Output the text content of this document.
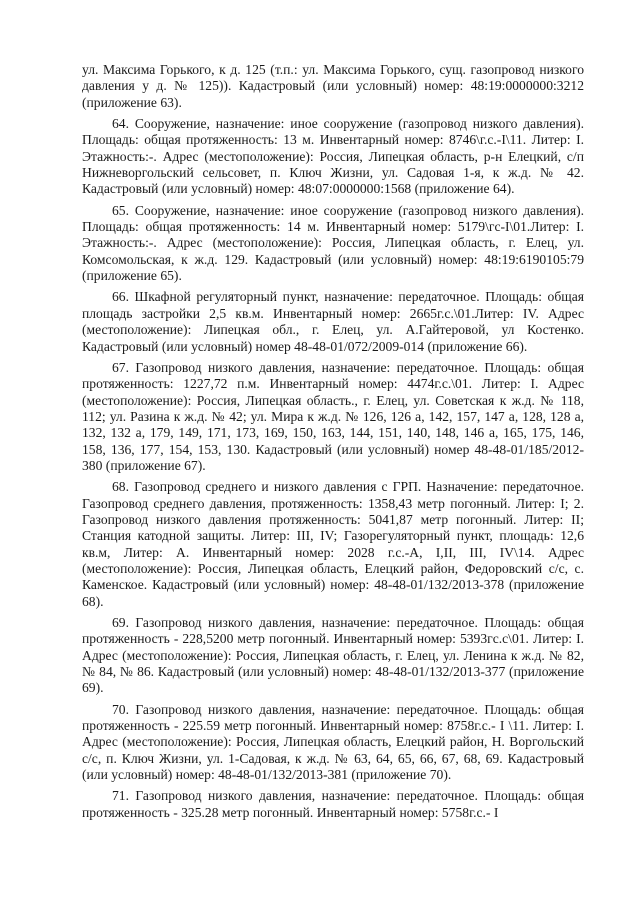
ул. Максима Горького, к д. 125 (т.п.: ул. Максима Горького, сущ. газопровод низкого давления у д. № 125)). Кадастровый (или условный) номер: 48:19:0000000:3212 (приложение 63).

64. Сооружение, назначение: иное сооружение (газопровод низкого давления). Площадь: общая протяженность: 13 м. Инвентарный номер: 8746\г.с.-I\11. Литер: I. Этажность:-. Адрес (местоположение): Россия, Липецкая область, р-н Елецкий, с/п Нижневоргольский сельсовет, п. Ключ Жизни, ул. Садовая 1-я, к ж.д. № 42. Кадастровый (или условный) номер: 48:07:0000000:1568 (приложение 64).

65. Сооружение, назначение: иное сооружение (газопровод низкого давления). Площадь: общая протяженность: 14 м. Инвентарный номер: 5179\гс-I\01.Литер: I. Этажность:-. Адрес (местоположение): Россия, Липецкая область, г. Елец, ул. Комсомольская, к ж.д. 129. Кадастровый (или условный) номер: 48:19:6190105:79 (приложение 65).

66. Шкафной регуляторный пункт, назначение: передаточное. Площадь: общая площадь застройки 2,5 кв.м. Инвентарный номер: 2665г.с.\01.Литер: IV. Адрес (местоположение): Липецкая обл., г. Елец, ул. А.Гайтеровой, ул Костенко. Кадастровый (или условный) номер 48-48-01/072/2009-014 (приложение 66).

67. Газопровод низкого давления, назначение: передаточное. Площадь: общая протяженность: 1227,72 п.м. Инвентарный номер: 4474г.с.\01. Литер: I. Адрес (местоположение): Россия, Липецкая область., г. Елец, ул. Советская к ж.д. № 118, 112; ул. Разина к ж.д. № 42; ул. Мира к ж.д. № 126, 126 а, 142, 157, 147 а, 128, 128 а, 132, 132 а, 179, 149, 171, 173, 169, 150, 163, 144, 151, 140, 148, 146 а, 165, 175, 146, 158, 136, 177, 154, 153, 130. Кадастровый (или условный) номер 48-48-01/185/2012-380 (приложение 67).

68. Газопровод среднего и низкого давления с ГРП. Назначение: передаточное. Газопровод среднего давления, протяженность: 1358,43 метр погонный. Литер: I; 2. Газопровод низкого давления протяженность: 5041,87 метр погонный. Литер: II; Станция катодной защиты. Литер: III, IV; Газорегуляторный пункт, площадь: 12,6 кв.м, Литер: А. Инвентарный номер: 2028 г.с.-А, I,II, III, IV\14. Адрес (местоположение): Россия, Липецкая область, Елецкий район, Федоровский с/с, с. Каменское. Кадастровый (или условный) номер: 48-48-01/132/2013-378 (приложение 68).

69. Газопровод низкого давления, назначение: передаточное. Площадь: общая протяженность - 228,5200 метр погонный. Инвентарный номер: 5393гс.с\01. Литер: I. Адрес (местоположение): Россия, Липецкая область, г. Елец, ул. Ленина к ж.д. № 82, № 84, № 86. Кадастровый (или условный) номер: 48-48-01/132/2013-377 (приложение 69).

70. Газопровод низкого давления, назначение: передаточное. Площадь: общая протяженность - 225.59 метр погонный. Инвентарный номер: 8758г.с.- I \11. Литер: I. Адрес (местоположение): Россия, Липецкая область, Елецкий район, Н. Воргольский с/с, п. Ключ Жизни, ул. 1-Садовая, к ж.д. № 63, 64, 65, 66, 67, 68, 69. Кадастровый (или условный) номер: 48-48-01/132/2013-381 (приложение 70).

71. Газопровод низкого давления, назначение: передаточное. Площадь: общая протяженность - 325.28 метр погонный. Инвентарный номер: 5758г.с.- I
